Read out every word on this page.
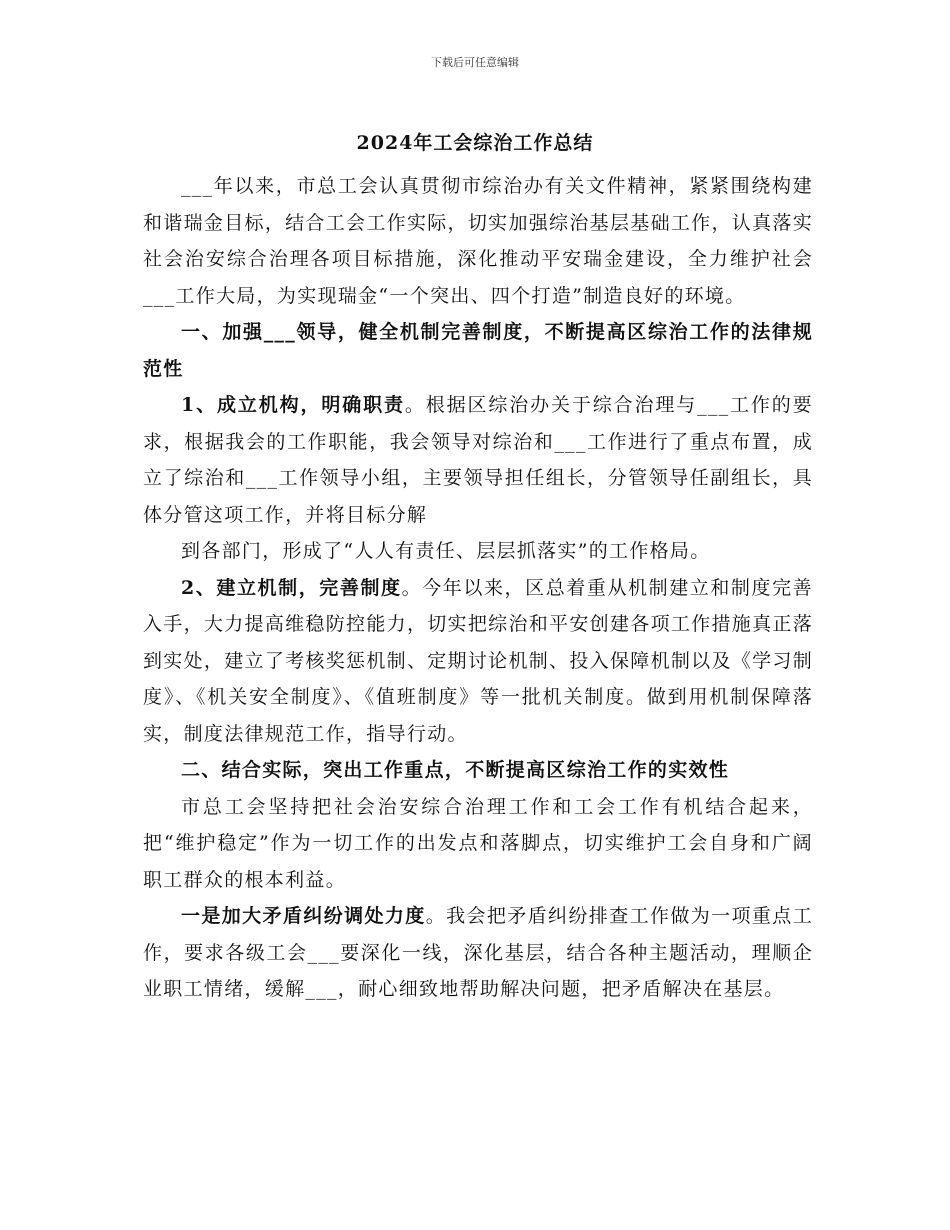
下载后可任意编辑
2024年工会综治工作总结

___年以来，市总工会认真贯彻市综治办有关文件精神，紧紧围绕构建和谐瑞金目标，结合工会工作实际，切实加强综治基层基础工作，认真落实社会治安综合治理各项目标措施，深化推动平安瑞金建设，全力维护社会___工作大局，为实现瑞金“一个突出、四个打造”制造良好的环境。

一、加强___领导，健全机制完善制度，不断提高区综治工作的法律规范性

1、成立机构，明确职责。根据区综治办关于综合治理与___工作的要求，根据我会的工作职能，我会领导对综治和___工作进行了重点布置，成立了综治和___工作领导小组，主要领导担任组长，分管领导任副组长，具体分管这项工作，并将目标分解

到各部门，形成了“人人有责任、层层抓落实”的工作格局。

2、建立机制，完善制度。今年以来，区总着重从机制建立和制度完善入手，大力提高维稳防控能力，切实把综治和平安创建各项工作措施真正落到实处，建立了考核奖惩机制、定期讨论机制、投入保障机制以及《学习制度》、《机关安全制度》、《值班制度》等一批机关制度。做到用机制保障落实，制度法律规范工作，指导行动。

二、结合实际，突出工作重点，不断提高区综治工作的实效性

市总工会坚持把社会治安综合治理工作和工会工作有机结合起来，把“维护稳定”作为一切工作的出发点和落脚点，切实维护工会自身和广阔职工群众的根本利益。

一是加大矛盾纠纷调处力度。我会把矛盾纠纷排查工作做为一项重点工作，要求各级工会___要深化一线，深化基层，结合各种主题活动，理顺企业职工情绪，缓解___，耐心细致地帮助解决问题，把矛盾解决在基层。
